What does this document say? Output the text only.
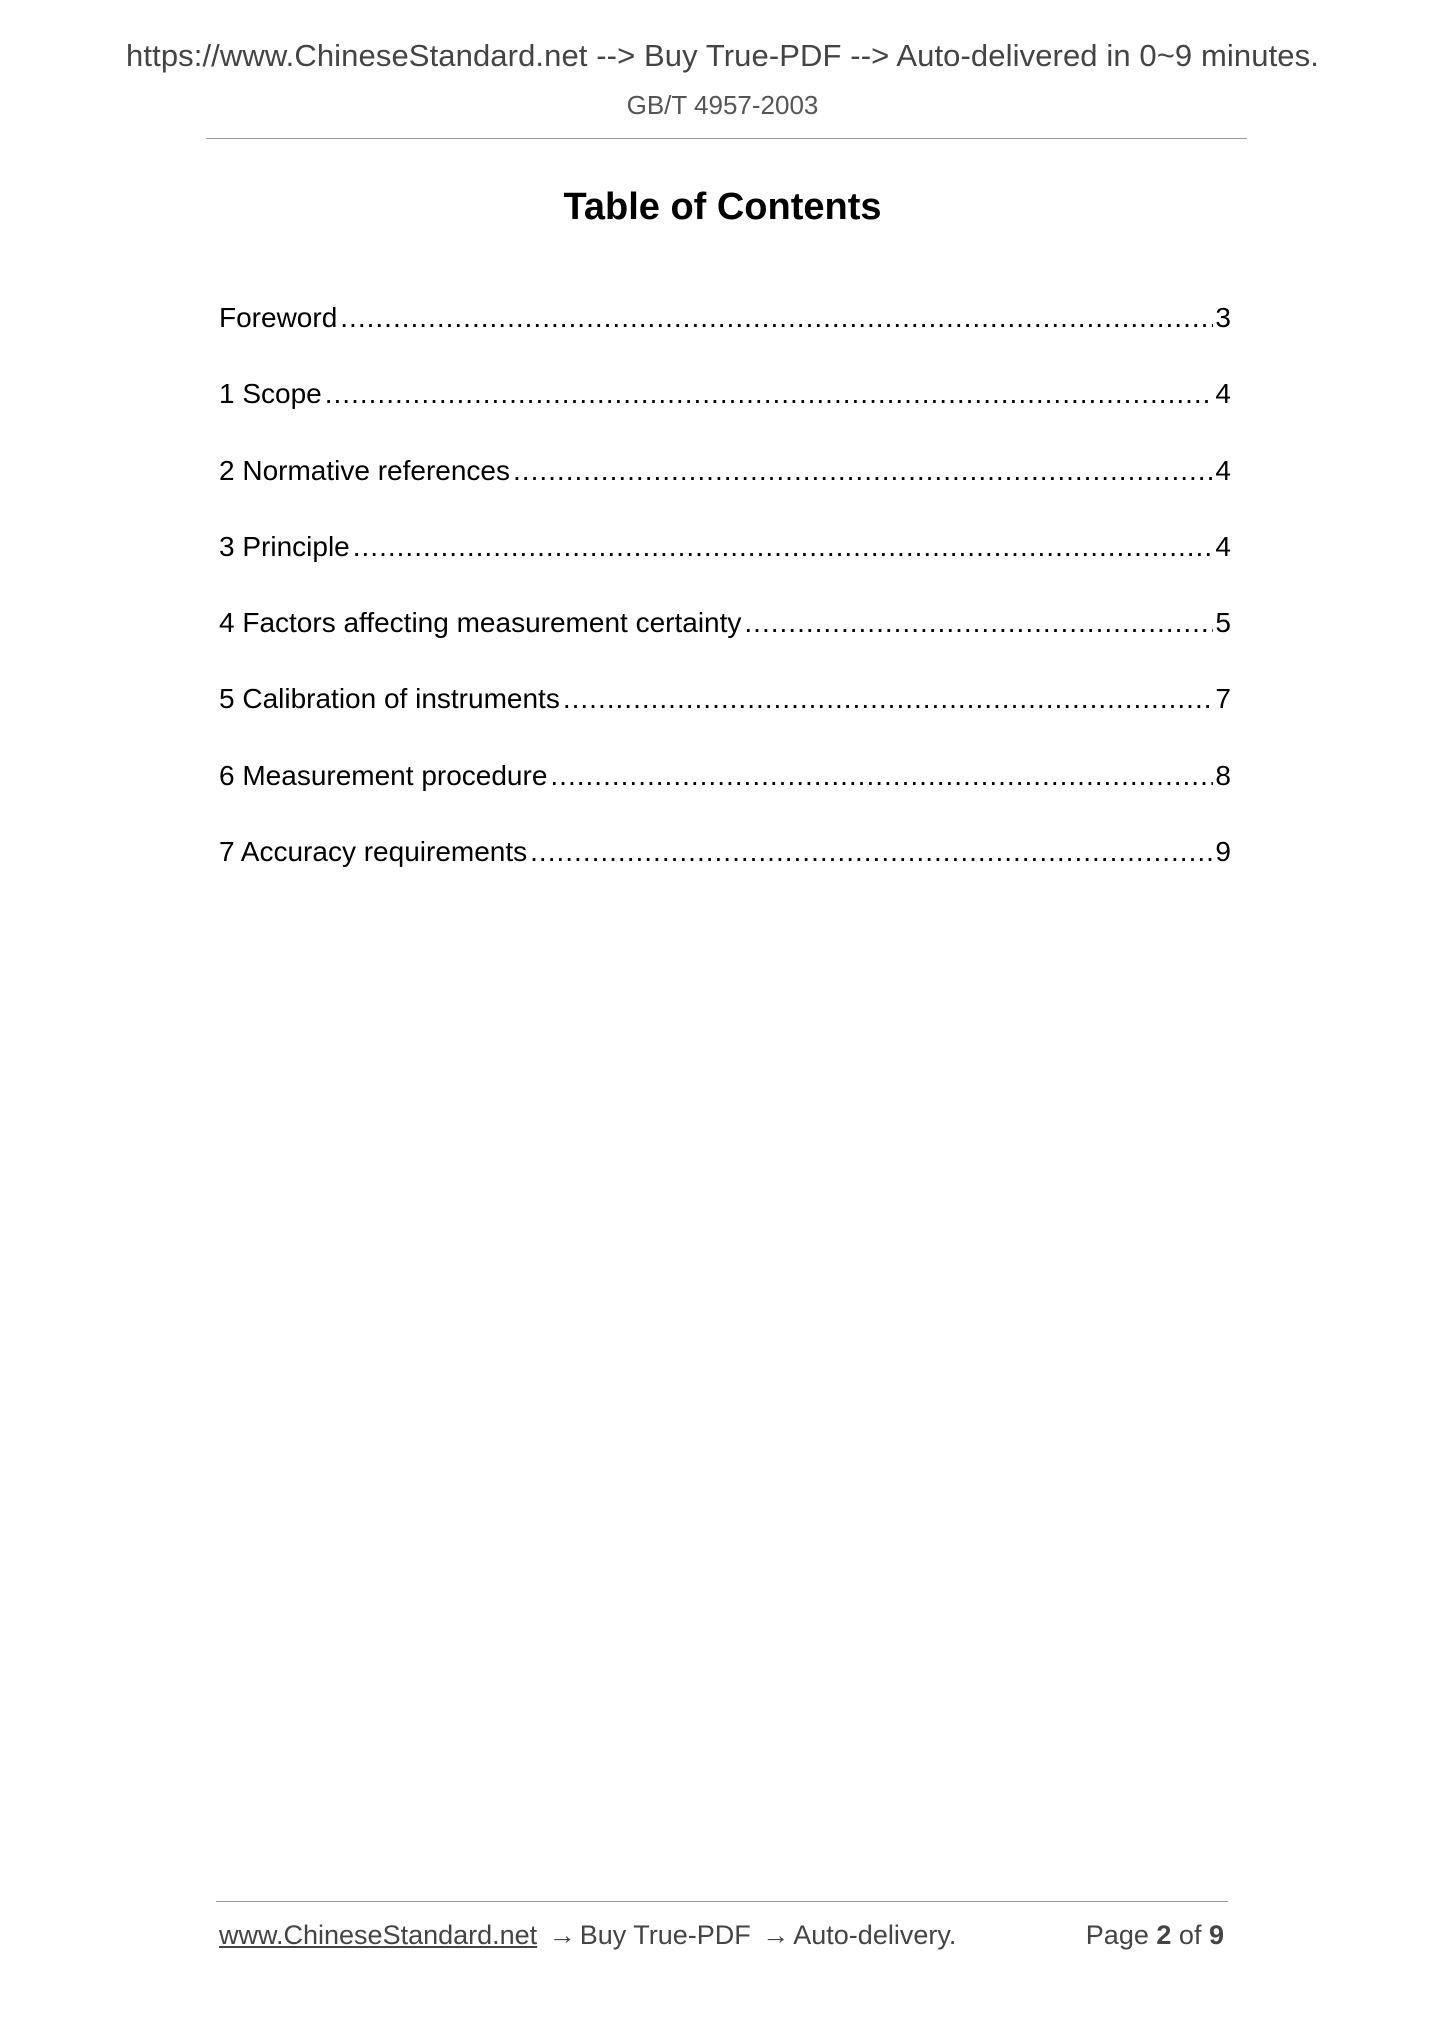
https://www.ChineseStandard.net --> Buy True-PDF --> Auto-delivered in 0~9 minutes.
GB/T 4957-2003
Table of Contents
Foreword .....	3
1 Scope .....	4
2 Normative references .....	4
3 Principle .....	4
4 Factors affecting measurement certainty .....	5
5 Calibration of instruments .....	7
6 Measurement procedure .....	8
7 Accuracy requirements .....	9
www.ChineseStandard.net → Buy True-PDF → Auto-delivery.	Page 2 of 9
